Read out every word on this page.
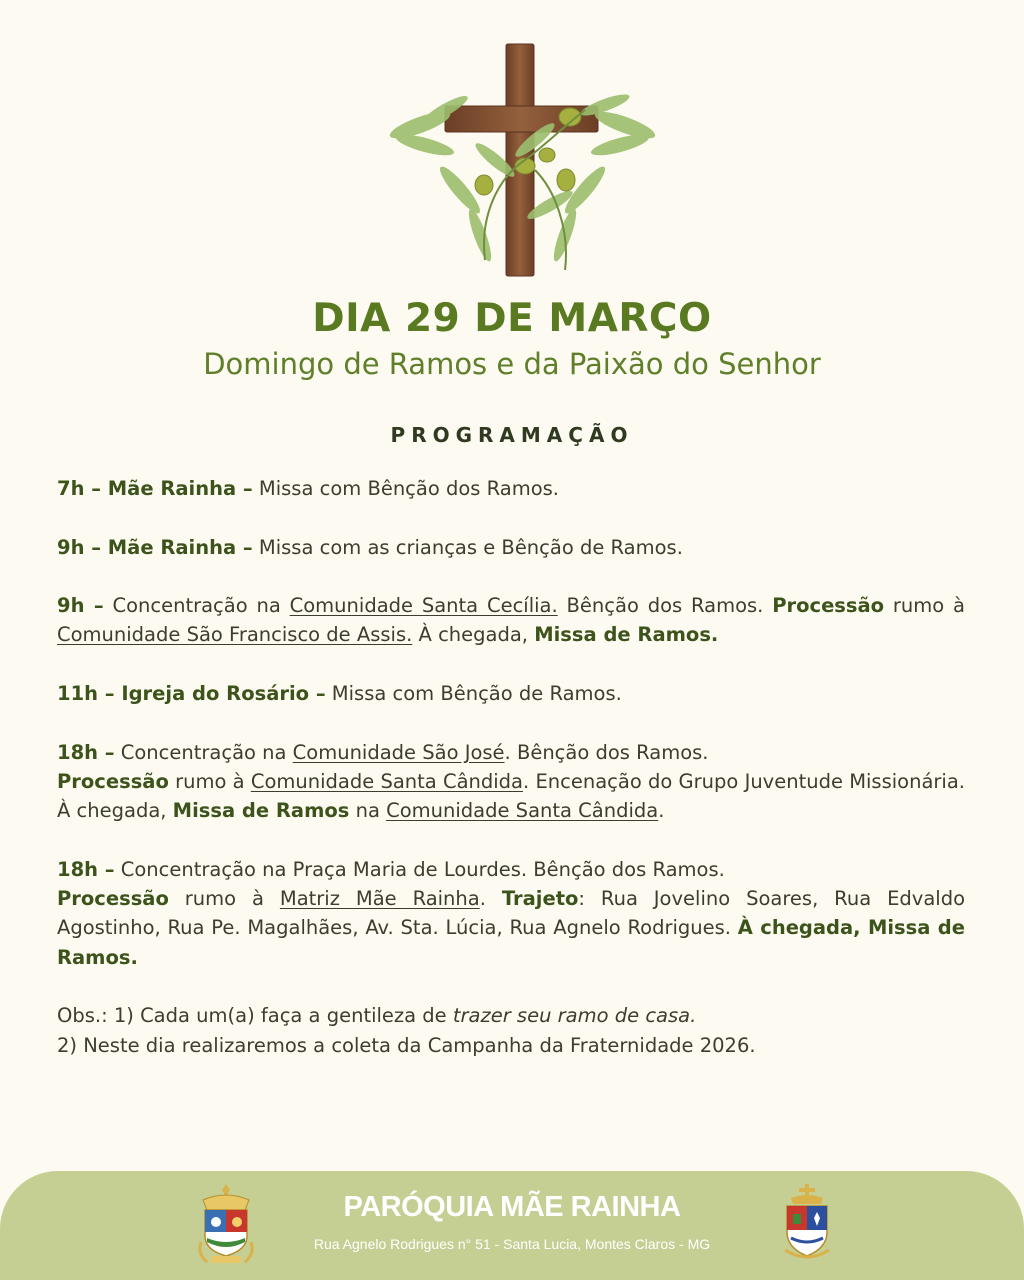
DIA 29 DE MARÇO
Domingo de Ramos e da Paixão do Senhor
PROGRAMAÇÃO

7h – Mãe Rainha – Missa com Bênção dos Ramos.

9h – Mãe Rainha – Missa com as crianças e Bênção de Ramos.

9h – Concentração na Comunidade Santa Cecília. Bênção dos Ramos. Processão rumo à Comunidade São Francisco de Assis. À chegada, Missa de Ramos.

11h – Igreja do Rosário – Missa com Bênção de Ramos.

18h – Concentração na Comunidade São José. Bênção dos Ramos.
Processão rumo à Comunidade Santa Cândida. Encenação do Grupo Juventude Missionária. À chegada, Missa de Ramos na Comunidade Santa Cândida.

18h – Concentração na Praça Maria de Lourdes. Bênção dos Ramos.
Processão rumo à Matriz Mãe Rainha. Trajeto: Rua Jovelino Soares, Rua Edvaldo Agostinho, Rua Pe. Magalhães, Av. Sta. Lúcia, Rua Agnelo Rodrigues. À chegada, Missa de Ramos.

Obs.: 1) Cada um(a) faça a gentileza de trazer seu ramo de casa.

2) Neste dia realizaremos a coleta da Campanha da Fraternidade 2026.

PARÓQUIA MÃE RAINHA
Rua Agnelo Rodrigues n° 51 - Santa Lucia, Montes Claros - MG
